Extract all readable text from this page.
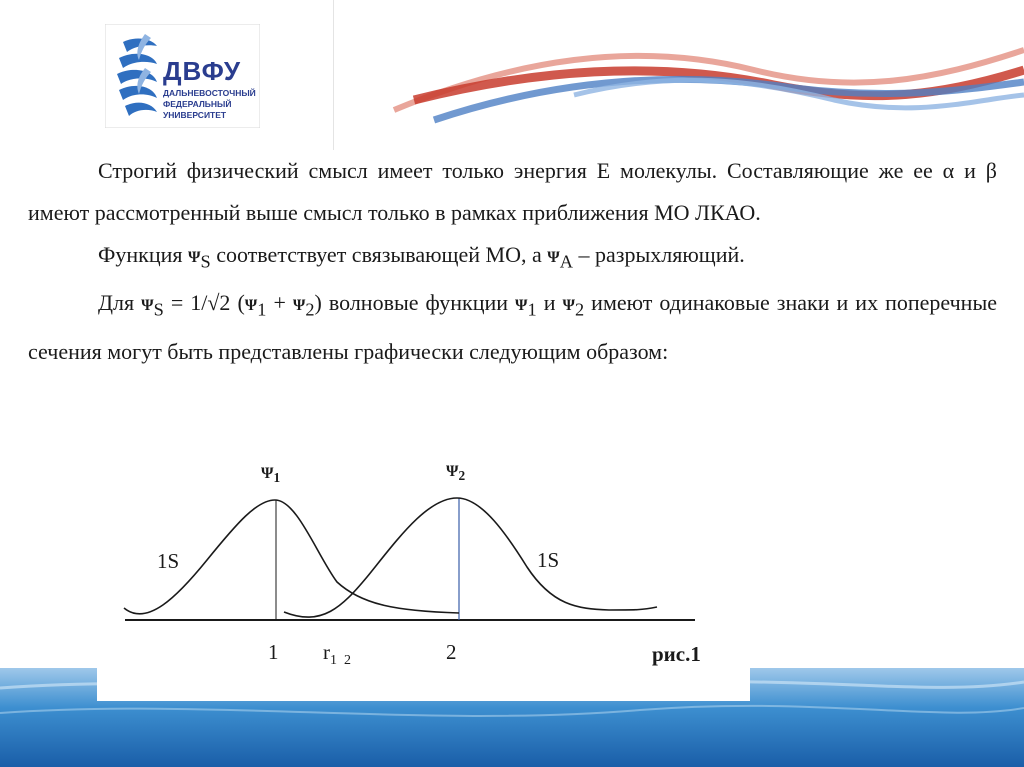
ДВФУ
ДАЛЬНЕВОСТОЧНЫЙ
ФЕДЕРАЛЬНЫЙ
УНИВЕРСИТЕТ
Строгий физический смысл имеет только энергия Е молекулы. Составляющие же ее α и β имеют рассмотренный выше смысл только в рамках приближения МО ЛКАО.
Функция $\Psi_S$ соответствует связывающей МО, а $\Psi_A$ – разрыхляющий.
Для $\Psi_S = 1/√2$ $(\Psi_1 + \Psi_2)$ волновые функции $\Psi_1$ и $\Psi_2$ имеют одинаковые знаки и их поперечные сечения могут быть представлены графически следующим образом:
$\Psi_1$	$\Psi_2$
1S	1S
1 $r_{1 2}$	2	рис.1
